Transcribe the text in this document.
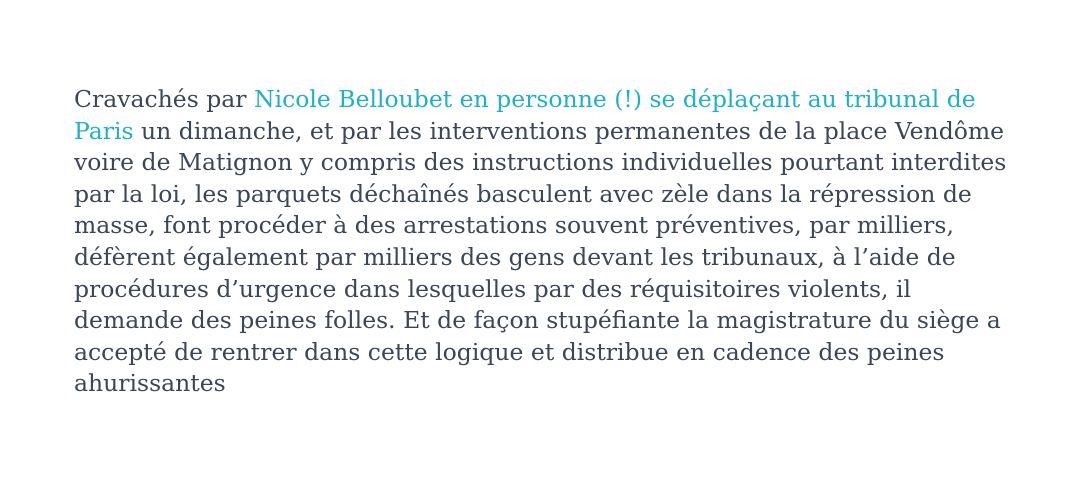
Cravachés par Nicole Belloubet en personne (!) se déplaçant au tribunal de
Paris un dimanche, et par les interventions permanentes de la place Vendôme
voire de Matignon y compris des instructions individuelles pourtant interdites
par la loi, les parquets déchaînés basculent avec zèle dans la répression de
masse, font procéder à des arrestations souvent préventives, par milliers,
défèrent également par milliers des gens devant les tribunaux, à l’aide de
procédures d’urgence dans lesquelles par des réquisitoires violents, il
demande des peines folles. Et de façon stupéfiante la magistrature du siège a
accepté de rentrer dans cette logique et distribue en cadence des peines
ahurissantes
